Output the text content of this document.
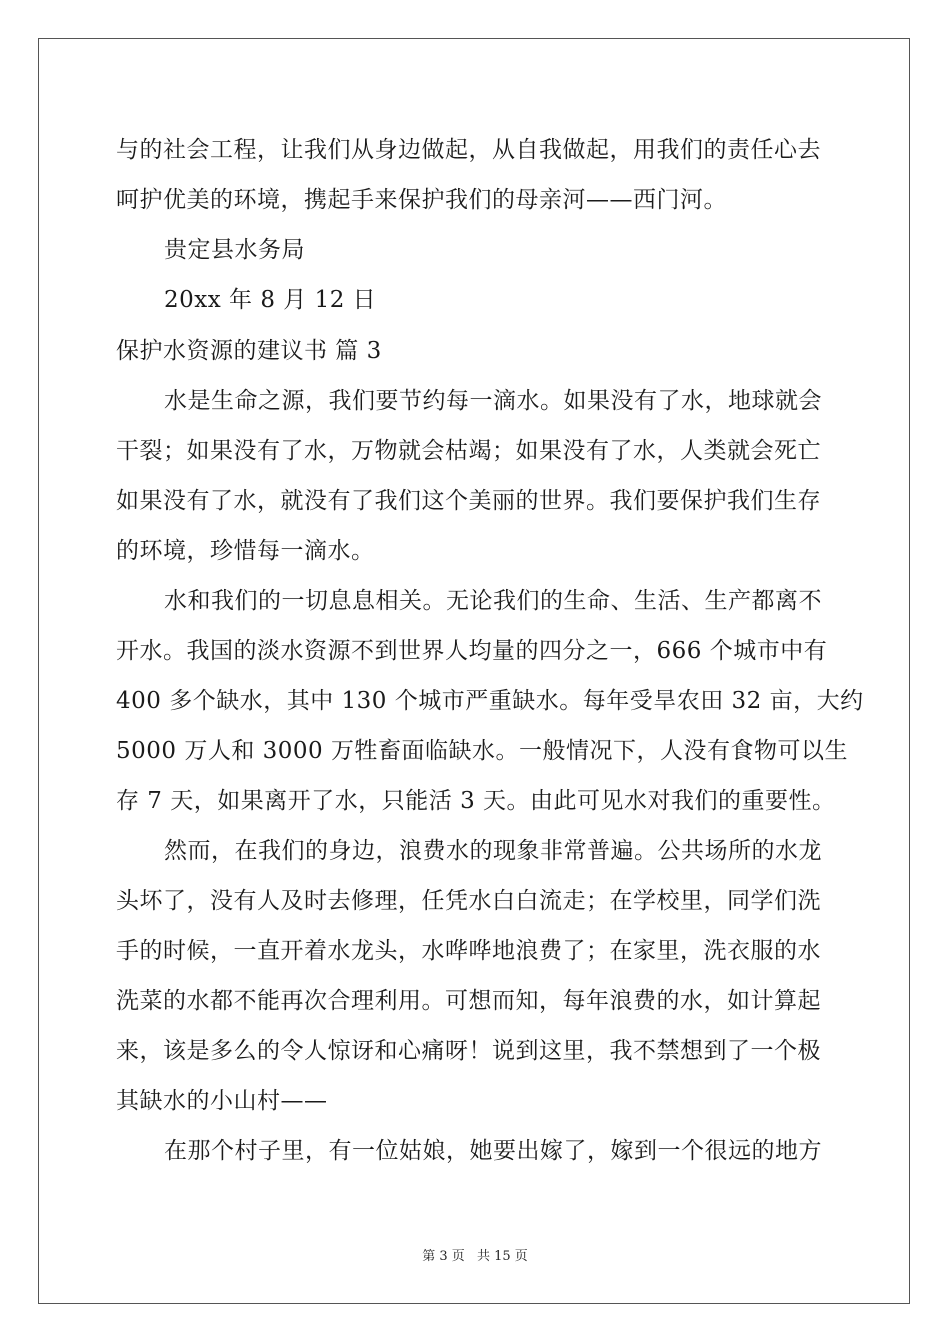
与的社会工程，让我们从身边做起，从自我做起，用我们的责任心去
呵护优美的环境，携起手来保护我们的母亲河——西门河。
贵定县水务局
20xx 年 8 月 12 日
保护水资源的建议书 篇 3
水是生命之源，我们要节约每一滴水。如果没有了水，地球就会
干裂；如果没有了水，万物就会枯竭；如果没有了水，人类就会死亡
如果没有了水，就没有了我们这个美丽的世界。我们要保护我们生存
的环境，珍惜每一滴水。
水和我们的一切息息相关。无论我们的生命、生活、生产都离不
开水。我国的淡水资源不到世界人均量的四分之一，666 个城市中有
400 多个缺水，其中 130 个城市严重缺水。每年受旱农田 32 亩，大约
5000 万人和 3000 万牲畜面临缺水。一般情况下，人没有食物可以生
存 7 天，如果离开了水，只能活 3 天。由此可见水对我们的重要性。
然而，在我们的身边，浪费水的现象非常普遍。公共场所的水龙
头坏了，没有人及时去修理，任凭水白白流走；在学校里，同学们洗
手的时候，一直开着水龙头，水哗哗地浪费了；在家里，洗衣服的水
洗菜的水都不能再次合理利用。可想而知，每年浪费的水，如计算起
来，该是多么的令人惊讶和心痛呀！说到这里，我不禁想到了一个极
其缺水的小山村——
在那个村子里，有一位姑娘，她要出嫁了，嫁到一个很远的地方
第 3 页 共 15 页
